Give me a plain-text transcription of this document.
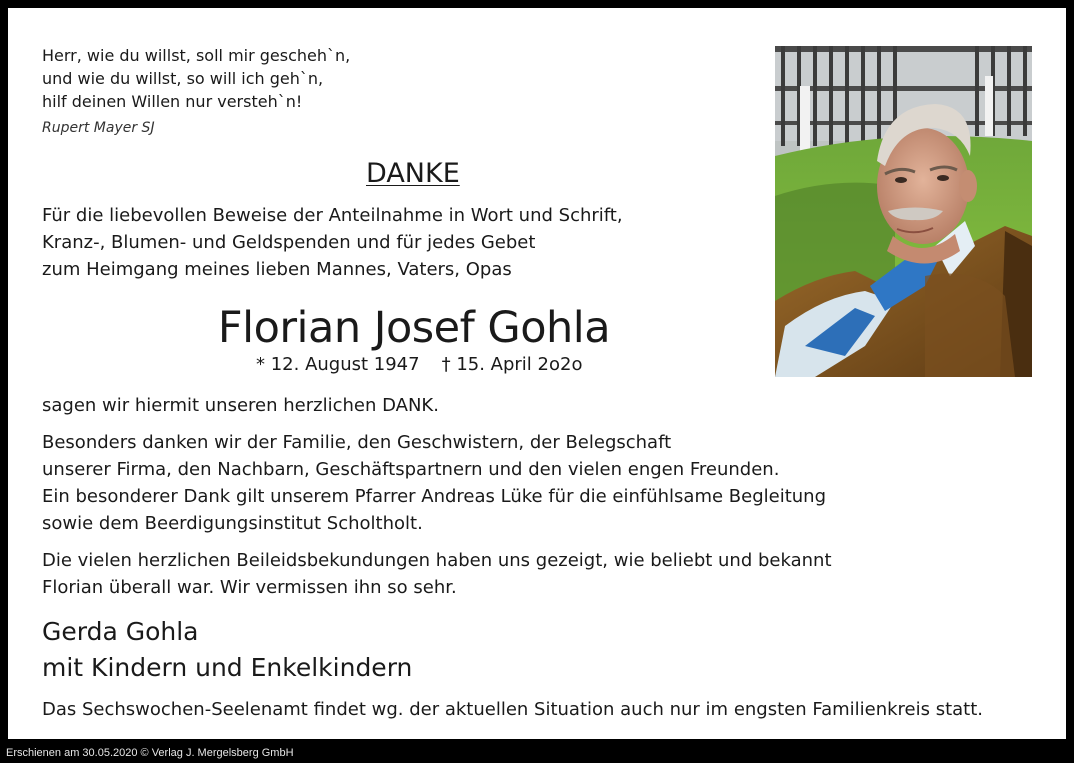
Herr, wie du willst, soll mir gescheh`n,
und wie du willst, so will ich geh`n,
hilf deinen Willen nur versteh`n!
Rupert Mayer SJ
DANKE
Für die liebevollen Beweise der Anteilnahme in Wort und Schrift,
Kranz-, Blumen- und Geldspenden und für jedes Gebet
zum Heimgang meines lieben Mannes, Vaters, Opas
Florian Josef Gohla
* 12. August 1947 † 15. April 2o2o
sagen wir hiermit unseren herzlichen DANK.
Besonders danken wir der Familie, den Geschwistern, der Belegschaft
unserer Firma, den Nachbarn, Geschäftspartnern und den vielen engen Freunden.
Ein besonderer Dank gilt unserem Pfarrer Andreas Lüke für die einfühlsame Begleitung
sowie dem Beerdigungsinstitut Scholtholt.
Die vielen herzlichen Beileidsbekundungen haben uns gezeigt, wie beliebt und bekannt
Florian überall war. Wir vermissen ihn so sehr.
Gerda Gohla
mit Kindern und Enkelkindern
Das Sechswochen-Seelenamt findet wg. der aktuellen Situation auch nur im engsten Familienkreis statt.
Erschienen am 30.05.2020 © Verlag J. Mergelsberg GmbH
